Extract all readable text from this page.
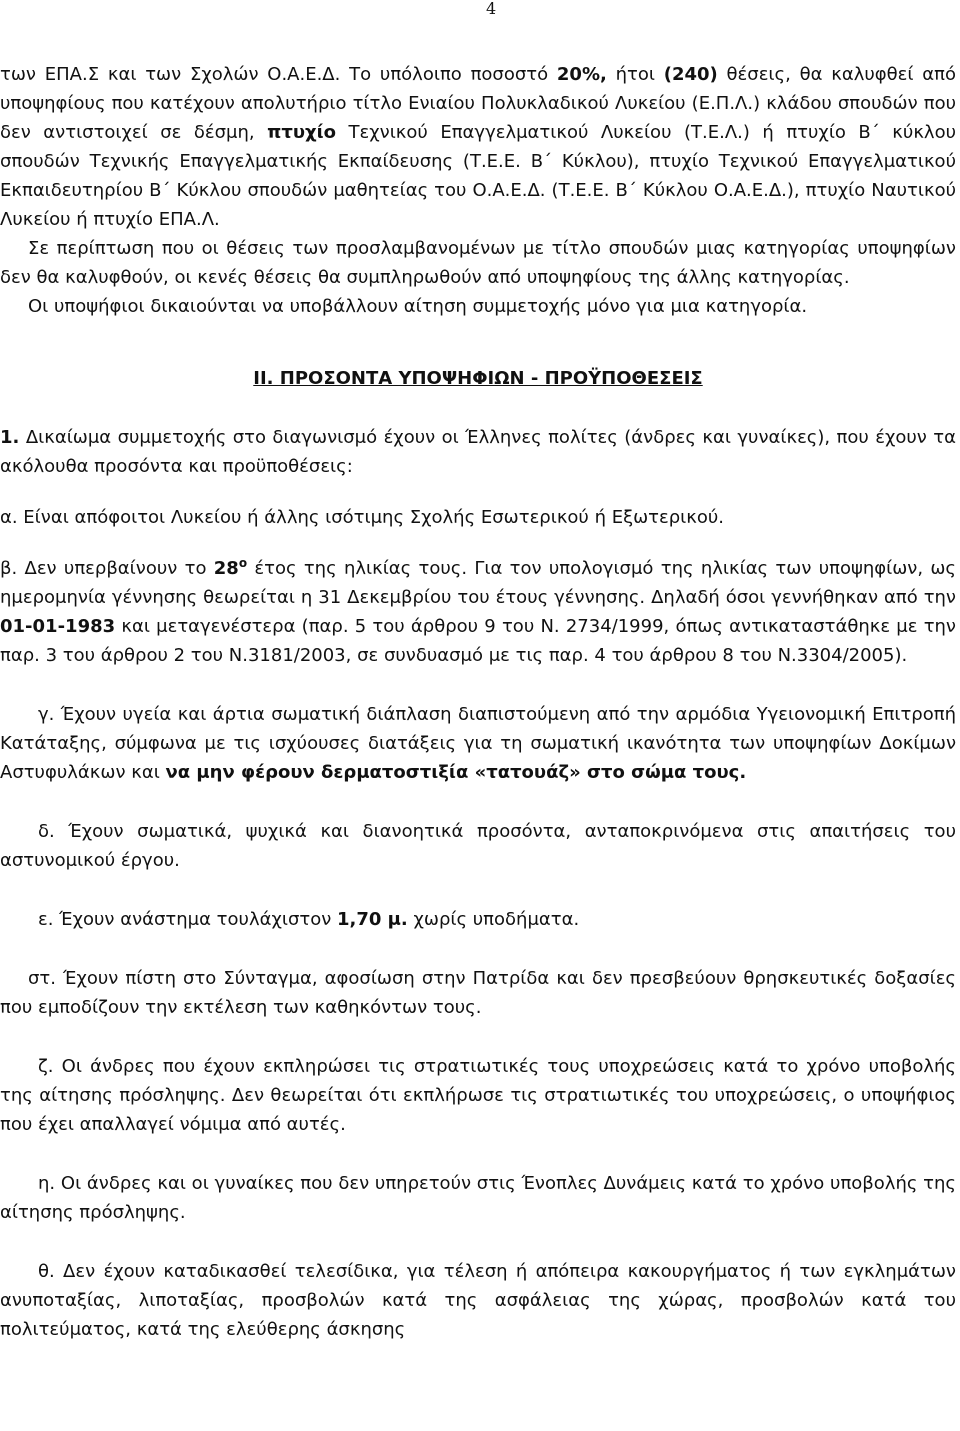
4

των ΕΠΑ.Σ και των Σχολών Ο.Α.Ε.Δ. Το υπόλοιπο ποσοστό 20%, ήτοι (240) θέσεις, θα καλυφθεί από υποψηφίους που κατέχουν απολυτήριο τίτλο Ενιαίου Πολυκλαδικού Λυκείου (Ε.Π.Λ.) κλάδου σπουδών που δεν αντιστοιχεί σε δέσμη, πτυχίο Τεχνικού Επαγγελματικού Λυκείου (Τ.Ε.Λ.) ή πτυχίο Β΄ κύκλου σπουδών Τεχνικής Επαγγελματικής Εκπαίδευσης (Τ.Ε.Ε. Β΄ Κύκλου), πτυχίο Τεχνικού Επαγγελματικού Εκπαιδευτηρίου Β΄ Κύκλου σπουδών μαθητείας του Ο.Α.Ε.Δ. (Τ.Ε.Ε. Β΄ Κύκλου Ο.Α.Ε.Δ.), πτυχίο Ναυτικού Λυκείου ή πτυχίο ΕΠΑ.Λ.

Σε περίπτωση που οι θέσεις των προσλαμβανομένων με τίτλο σπουδών μιας κατηγορίας υποψηφίων δεν θα καλυφθούν, οι κενές θέσεις θα συμπληρωθούν από υποψηφίους της άλλης κατηγορίας.

Οι υποψήφιοι δικαιούνται να υποβάλλουν αίτηση συμμετοχής μόνο για μια κατηγορία.

ΙΙ. ΠΡΟΣΟΝΤΑ ΥΠΟΨΗΦΙΩΝ - ΠΡΟΫΠΟΘΕΣΕΙΣ

1. Δικαίωμα συμμετοχής στο διαγωνισμό έχουν οι Έλληνες πολίτες (άνδρες και γυναίκες), που έχουν τα ακόλουθα προσόντα και προϋποθέσεις:

α. Είναι απόφοιτοι Λυκείου ή άλλης ισότιμης Σχολής Εσωτερικού ή Εξωτερικού.

β. Δεν υπερβαίνουν το $28^o$ έτος της ηλικίας τους. Για τον υπολογισμό της ηλικίας των υποψηφίων, ως ημερομηνία γέννησης θεωρείται η 31 Δεκεμβρίου του έτους γέννησης. Δηλαδή όσοι γεννήθηκαν από την 01-01-1983 και μεταγενέστερα (παρ. 5 του άρθρου 9 του Ν. 2734/1999, όπως αντικαταστάθηκε με την παρ. 3 του άρθρου 2 του Ν.3181/2003, σε συνδυασμό με τις παρ. 4 του άρθρου 8 του Ν.3304/2005).

γ. Έχουν υγεία και άρτια σωματική διάπλαση διαπιστούμενη από την αρμόδια Υγειονομική Επιτροπή Κατάταξης, σύμφωνα με τις ισχύουσες διατάξεις για τη σωματική ικανότητα των υποψηφίων Δοκίμων Αστυφυλάκων και να μην φέρουν δερματοστιξία «τατουάζ» στο σώμα τους.

δ. Έχουν σωματικά, ψυχικά και διανοητικά προσόντα, ανταποκρινόμενα στις απαιτήσεις του αστυνομικού έργου.

ε. Έχουν ανάστημα τουλάχιστον 1,70 μ. χωρίς υποδήματα.

στ. Έχουν πίστη στο Σύνταγμα, αφοσίωση στην Πατρίδα και δεν πρεσβεύουν θρησκευτικές δοξασίες που εμποδίζουν την εκτέλεση των καθηκόντων τους.

ζ. Οι άνδρες που έχουν εκπληρώσει τις στρατιωτικές τους υποχρεώσεις κατά το χρόνο υποβολής της αίτησης πρόσληψης. Δεν θεωρείται ότι εκπλήρωσε τις στρατιωτικές του υποχρεώσεις, ο υποψήφιος που έχει απαλλαγεί νόμιμα από αυτές.

η. Οι άνδρες και οι γυναίκες που δεν υπηρετούν στις Ένοπλες Δυνάμεις κατά το χρόνο υποβολής της αίτησης πρόσληψης.

θ. Δεν έχουν καταδικασθεί τελεσίδικα, για τέλεση ή απόπειρα κακουργήματος ή των εγκλημάτων ανυποταξίας, λιποταξίας, προσβολών κατά της ασφάλειας της χώρας, προσβολών κατά του πολιτεύματος, κατά της ελεύθερης άσκησης
